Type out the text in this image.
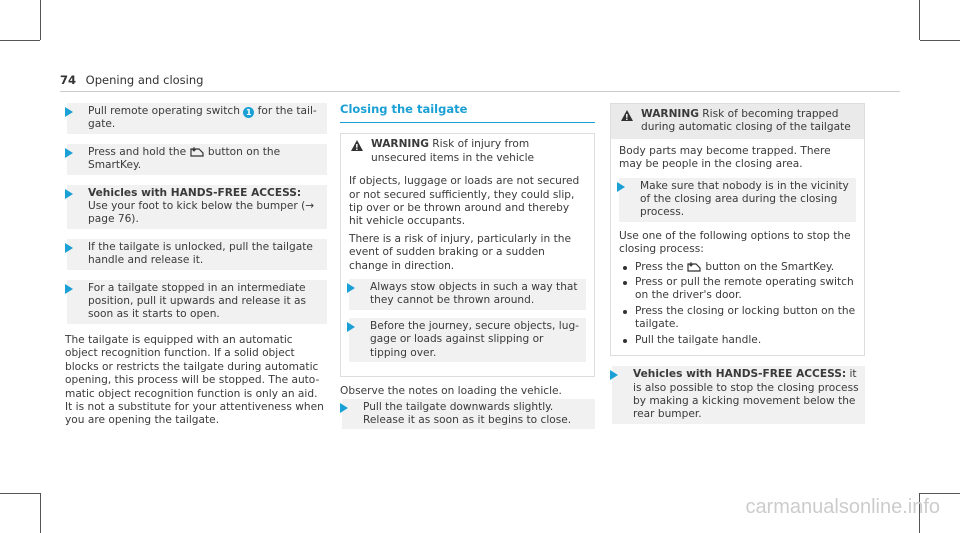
74 Opening and closing
Pull remote operating switch 1 for the tail-gate.
Press and hold the  button on the SmartKey.
Vehicles with HANDS-FREE ACCESS: Use your foot to kick below the bumper (→ page 76).
If the tailgate is unlocked, pull the tailgate handle and release it.
For a tailgate stopped in an intermediate position, pull it upwards and release it as soon as it starts to open.

The tailgate is equipped with an automatic object recognition function. If a solid object blocks or restricts the tailgate during automatic opening, this process will be stopped. The auto-matic object recognition function is only an aid. It is not a substitute for your attentiveness when you are opening the tailgate.

Closing the tailgate
!
WARNING Risk of injury from unsecured items in the vehicle

If objects, luggage or loads are not secured or not secured sufficiently, they could slip, tip over or be thrown around and thereby hit vehicle occupants.

There is a risk of injury, particularly in the event of sudden braking or a sudden change in direction.

Always stow objects in such a way that they cannot be thrown around.
Before the journey, secure objects, lug-gage or loads against slipping or tipping over.

Observe the notes on loading the vehicle.

Pull the tailgate downwards slightly. Release it as soon as it begins to close.
!
WARNING Risk of becoming trapped during automatic closing of the tailgate

Body parts may become trapped. There may be people in the closing area.

Make sure that nobody is in the vicinity of the closing area during the closing process.

Use one of the following options to stop the closing process:

Press the  button on the SmartKey.
Press or pull the remote operating switch on the driver's door.
Press the closing or locking button on the tailgate.
Pull the tailgate handle.
Vehicles with HANDS-FREE ACCESS: it is also possible to stop the closing process by making a kicking movement below the rear bumper.
carmanualsonline.info
